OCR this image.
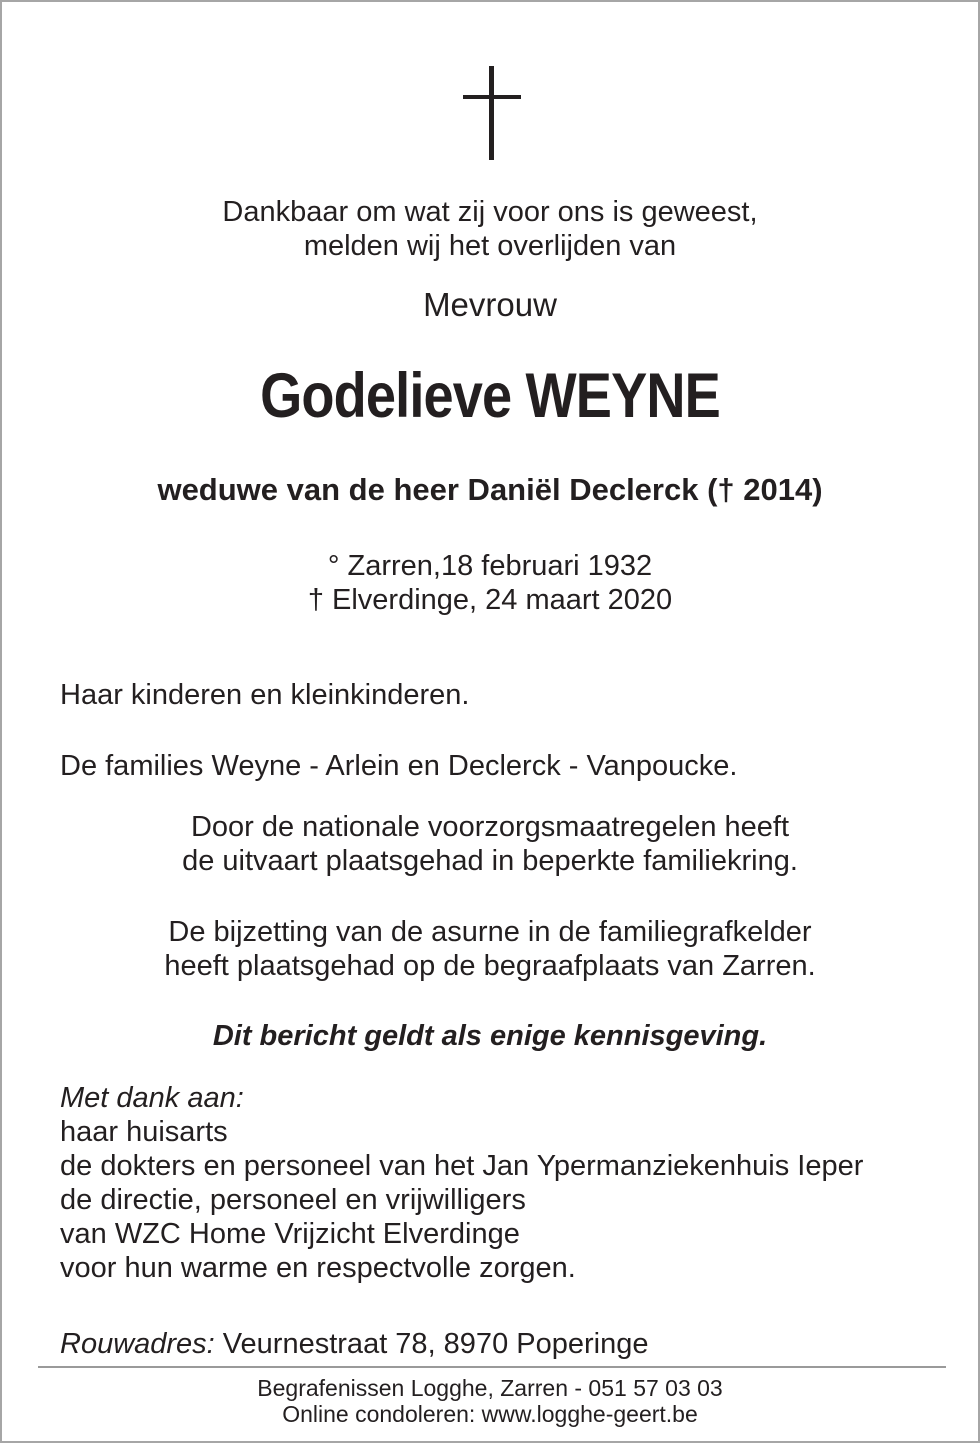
Dankbaar om wat zij voor ons is geweest,
melden wij het overlijden van
Mevrouw
Godelieve WEYNE
weduwe van de heer Daniël Declerck († 2014)
° Zarren,18 februari 1932
† Elverdinge, 24 maart 2020
Haar kinderen en kleinkinderen.
De families Weyne - Arlein en Declerck - Vanpoucke.
Door de nationale voorzorgsmaatregelen heeft
de uitvaart plaatsgehad in beperkte familiekring.
De bijzetting van de asurne in de familiegrafkelder
heeft plaatsgehad op de begraafplaats van Zarren.
Dit bericht geldt als enige kennisgeving.
Met dank aan:
haar huisarts
de dokters en personeel van het Jan Ypermanziekenhuis Ieper
de directie, personeel en vrijwilligers
van WZC Home Vrijzicht Elverdinge
voor hun warme en respectvolle zorgen.
Rouwadres: Veurnestraat 78, 8970 Poperinge
Begrafenissen Logghe, Zarren - 051 57 03 03
Online condoleren: www.logghe-geert.be
